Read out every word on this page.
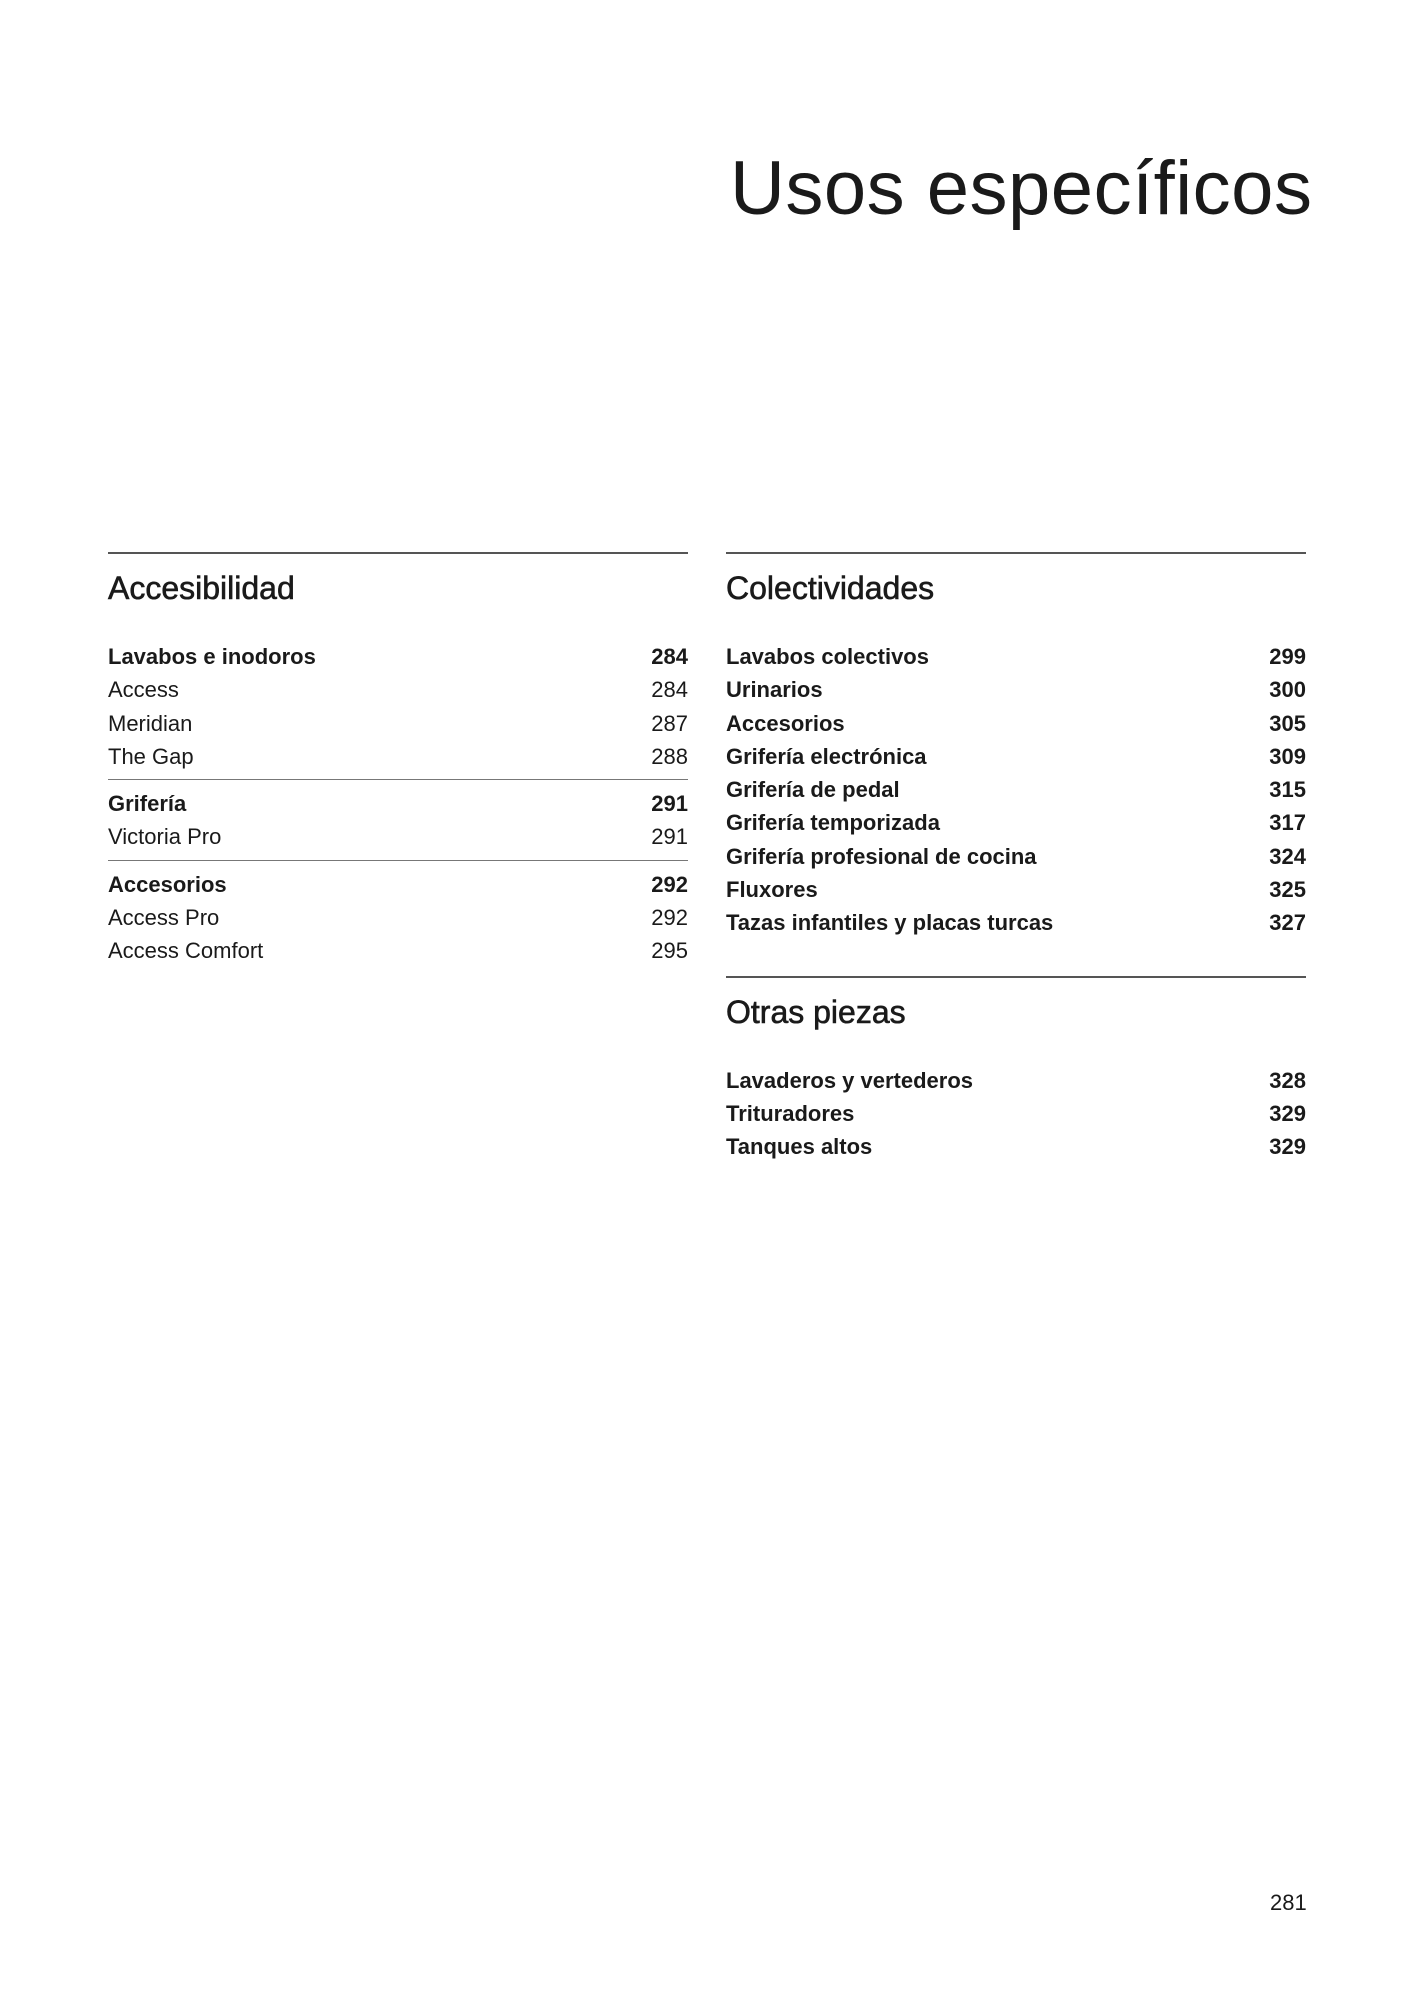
Usos específicos
Accesibilidad
Lavabos e inodoros	284
Access	284
Meridian	287
The Gap	288
Grifería	291
Victoria Pro	291
Accesorios	292
Access Pro	292
Access Comfort	295
Colectividades
Lavabos colectivos	299
Urinarios	300
Accesorios	305
Grifería electrónica	309
Grifería de pedal	315
Grifería temporizada	317
Grifería profesional de cocina	324
Fluxores	325
Tazas infantiles y placas turcas	327
Otras piezas
Lavaderos y vertederos	328
Trituradores	329
Tanques altos	329
281
